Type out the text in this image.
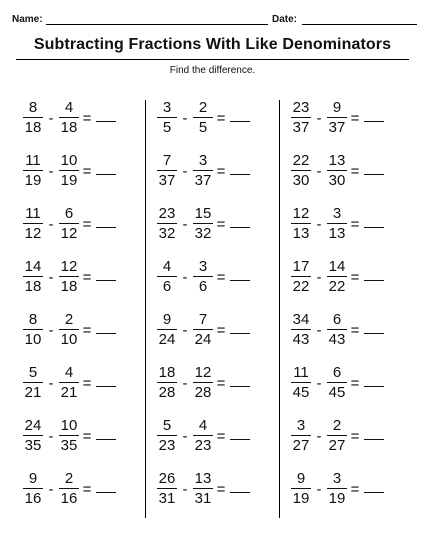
Name:	Date:
Subtracting Fractions With Like Denominators
Find the difference.
$\frac{8}{18} - \frac{4}{18}$ =
$\frac{11}{19} - \frac{10}{19}$ =
$\frac{11}{12} - \frac{6}{12}$ =
$\frac{14}{18} - \frac{12}{18}$ =
$\frac{8}{10} - \frac{2}{10}$ =
$\frac{5}{21} - \frac{4}{21}$ =
$\frac{24}{35} - \frac{10}{35}$ =
$\frac{9}{16} - \frac{2}{16}$ =
$\frac{3}{5} - \frac{2}{5}$ =
$\frac{7}{37} - \frac{3}{37}$ =
$\frac{23}{32} - \frac{15}{32}$ =
$\frac{4}{6} - \frac{3}{6}$ =
$\frac{9}{24} - \frac{7}{24}$ =
$\frac{18}{28} - \frac{12}{28}$ =
$\frac{5}{23} - \frac{4}{23}$ =
$\frac{26}{31} - \frac{13}{31}$ =
$\frac{23}{37} - \frac{9}{37}$ =
$\frac{22}{30} - \frac{13}{30}$ =
$\frac{12}{13} - \frac{3}{13}$ =
$\frac{17}{22} - \frac{14}{22}$ =
$\frac{34}{43} - \frac{6}{43}$ =
$\frac{11}{45} - \frac{6}{45}$ =
$\frac{3}{27} - \frac{2}{27}$ =
$\frac{9}{19} - \frac{3}{19}$ =
